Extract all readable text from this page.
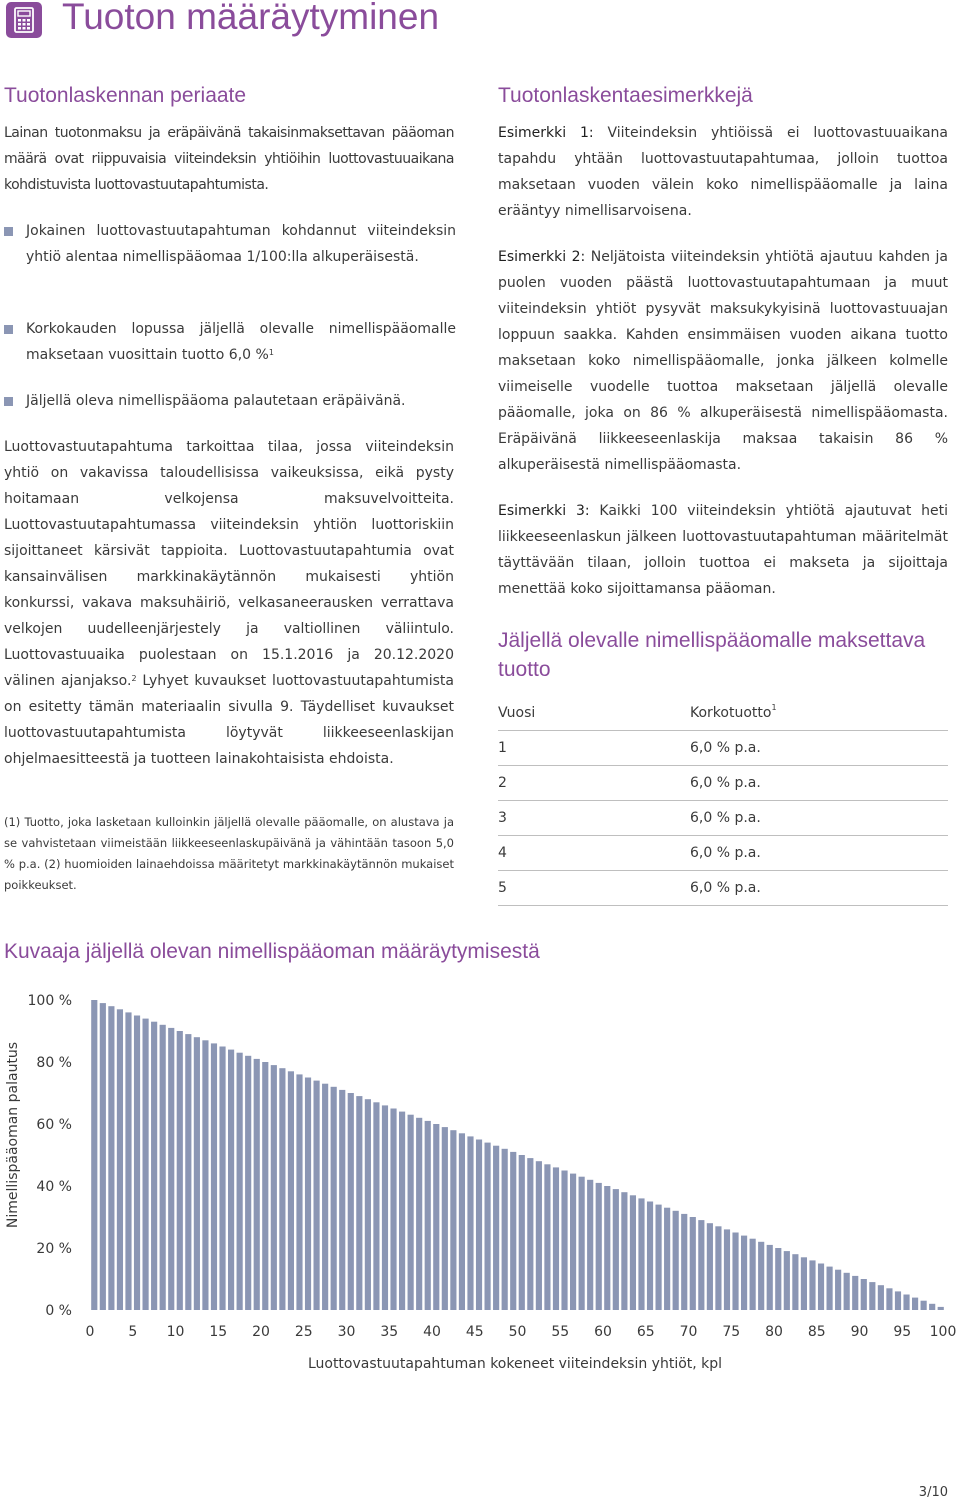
Tuoton määräytyminen
Tuotonlaskennan periaate
Lainan tuotonmaksu ja eräpäivänä takaisinmaksettavan pääoman määrä ovat riippuvaisia viiteindeksin yhtiöihin luottovastuuaikana kohdistuvista luottovastuutapahtumista.
Jokainen luottovastuutapahtuman kohdannut viiteindeksin yhtiö alentaa nimellispääomaa 1/100:lla alkuperäisestä.
Korkokauden lopussa jäljellä olevalle nimellispääomalle maksetaan vuosittain tuotto 6,0 %$^1$
Jäljellä oleva nimellispääoma palautetaan eräpäivänä.
Luottovastuutapahtuma tarkoittaa tilaa, jossa viiteindeksin yhtiö on vakavissa taloudellisissa vaikeuksissa, eikä pysty hoitamaan velkojensa maksuvelvoitteita. Luottovastuutapahtumassa viiteindeksin yhtiön luottoriskiin sijoittaneet kärsivät tappioita. Luottovastuutapahtumia ovat kansainvälisen markkinakäytännön mukaisesti yhtiön konkurssi, vakava maksuhäiriö, velkasaneerausken verrattava velkojen uudelleenjärjestely ja valtiollinen väliintulo. Luottovastuuaika puolestaan on 15.1.2016 ja 20.12.2020 välinen ajanjakso.$^2$ Lyhyet kuvaukset luottovastuutapahtumista on esitetty tämän materiaalin sivulla 9. Täydelliset kuvaukset luottovastuutapahtumista löytyvät liikkeeseenlaskijan ohjelmaesitteestä ja tuotteen lainakohtaisista ehdoista.
(1) Tuotto, joka lasketaan kulloinkin jäljellä olevalle pääomalle, on alustava ja se vahvistetaan viimeistään liikkeeseenlaskupäivänä ja vähintään tasoon 5,0 % p.a. (2) huomioiden lainaehdoissa määritetyt markkinakäytännön mukaiset poikkeukset.
Tuotonlaskentaesimerkkejä
Esimerkki 1: Viiteindeksin yhtiöissä ei luottovastuuaikana tapahdu yhtään luottovastuutapahtumaa, jolloin tuottoa maksetaan vuoden välein koko nimellispääomalle ja laina erääntyy nimellisarvoisena.
Esimerkki 2: Neljätoista viiteindeksin yhtiötä ajautuu kahden ja puolen vuoden päästä luottovastuutapahtumaan ja muut viiteindeksin yhtiöt pysyvät maksukykyisinä luottovastuuajan loppuun saakka. Kahden ensimmäisen vuoden aikana tuotto maksetaan koko nimellispääomalle, jonka jälkeen kolmelle viimeiselle vuodelle tuottoa maksetaan jäljellä olevalle pääomalle, joka on 86 % alkuperäisestä nimellispääomasta. Eräpäivänä liikkeeseenlaskija maksaa takaisin 86 % alkuperäisestä nimellispääomasta.
Esimerkki 3: Kaikki 100 viiteindeksin yhtiötä ajautuvat heti liikkeeseenlaskun jälkeen luottovastuutapahtuman määritelmät täyttävään tilaan, jolloin tuottoa ei makseta ja sijoittaja menettää koko sijoittamansa pääoman.
Jäljellä olevalle nimellispääomalle maksettava tuotto
Vuosi	Korkotuotto$^1$
1	6,0 % p.a.
2	6,0 % p.a.
3	6,0 % p.a.
4	6,0 % p.a.
5	6,0 % p.a.
Kuvaaja jäljellä olevan nimellispääoman määräytymisestä
0 %
20 %
40 %
60 %
80 %
100 %
0 5 10 15 20 25 30 35 40 45 50 55 60 65 70 75 80 85 90 95 100
Nimellispääoman palautus
Luottovastuutapahtuman kokeneet viiteindeksin yhtiöt, kpl
3/10
